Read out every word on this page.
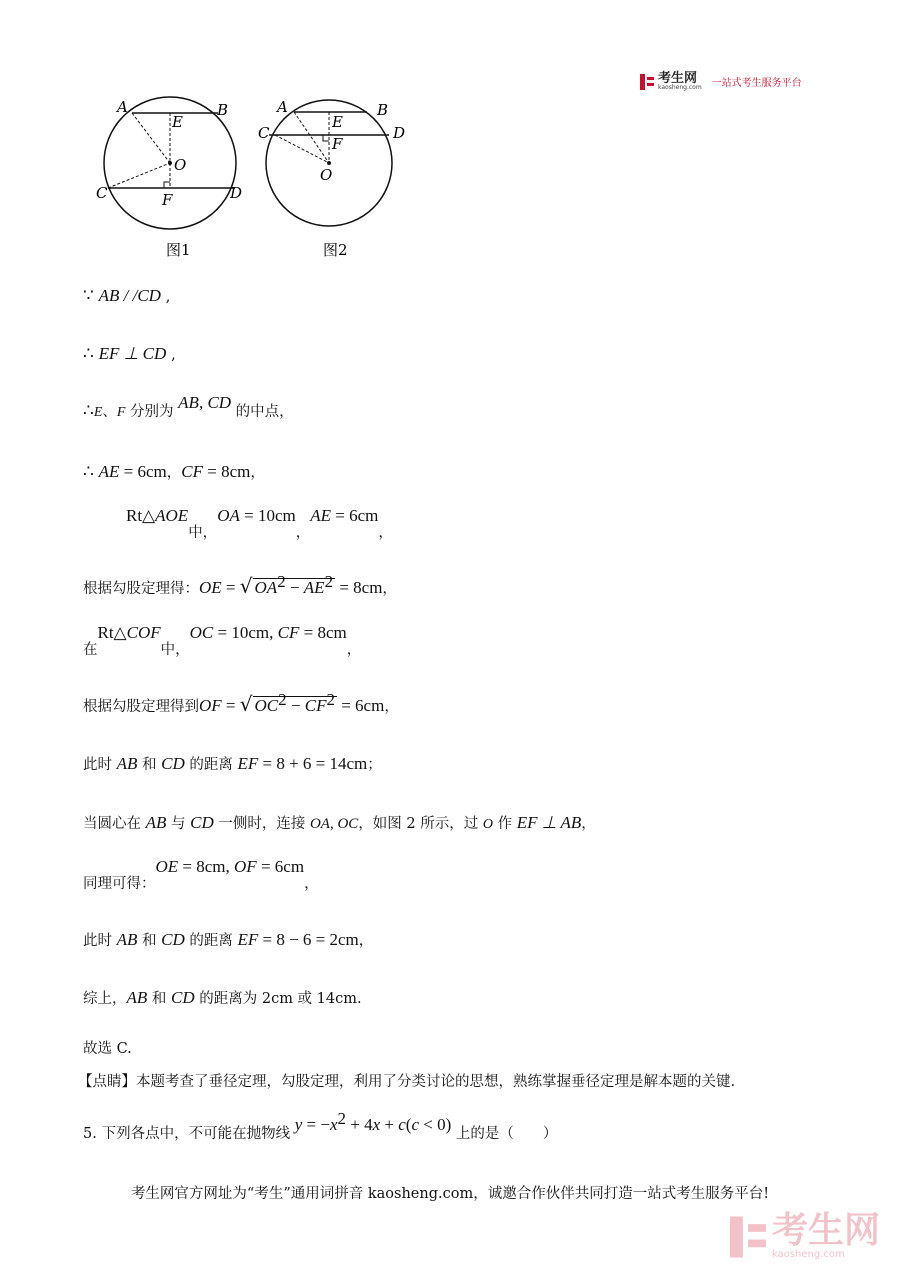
考生网
kaosheng.com 一站式考生服务平台
A	B
E
O
C	D
F
图1
A	B
E
C	D
F
O
图2
∵ AB / /CD ,
∴ EF ⊥ CD ,
∴E、F 分别为 AB, CD 的中点，
∴ AE = 6cm，CF = 8cm，
Rt△AOE中，OA = 10cm，AE = 6cm，
根据勾股定理得：OE = √ $OA^2 - AE^2 = 8cm$，
在Rt△COF中，OC = 10cm, CF = 8cm，
根据勾股定理得到OF = √ $OC^2 - CF^2 = 6cm$，
此时 AB 和 CD 的距离 EF = 8 + 6 = 14cm；
当圆心在 AB 与 CD 一侧时，连接 OA, OC，如图 2 所示，过 O 作 EF ⊥ AB，
同理可得：OE = 8cm, OF = 6cm，
此时 AB 和 CD 的距离 EF = 8 − 6 = 2cm，
综上，AB 和 CD 的距离为 2cm 或 14cm.
故选 C.
【点睛】本题考查了垂径定理，勾股定理，利用了分类讨论的思想，熟练掌握垂径定理是解本题的关键.
5. 下列各点中，不可能在抛物线 $y = -x^2 + 4x + c(c < 0)$ 上的是（　　）
考生网官方网址为“考生”通用词拼音 kaosheng.com，诚邀合作伙伴共同打造一站式考生服务平台!
考生网
kaosheng.com
